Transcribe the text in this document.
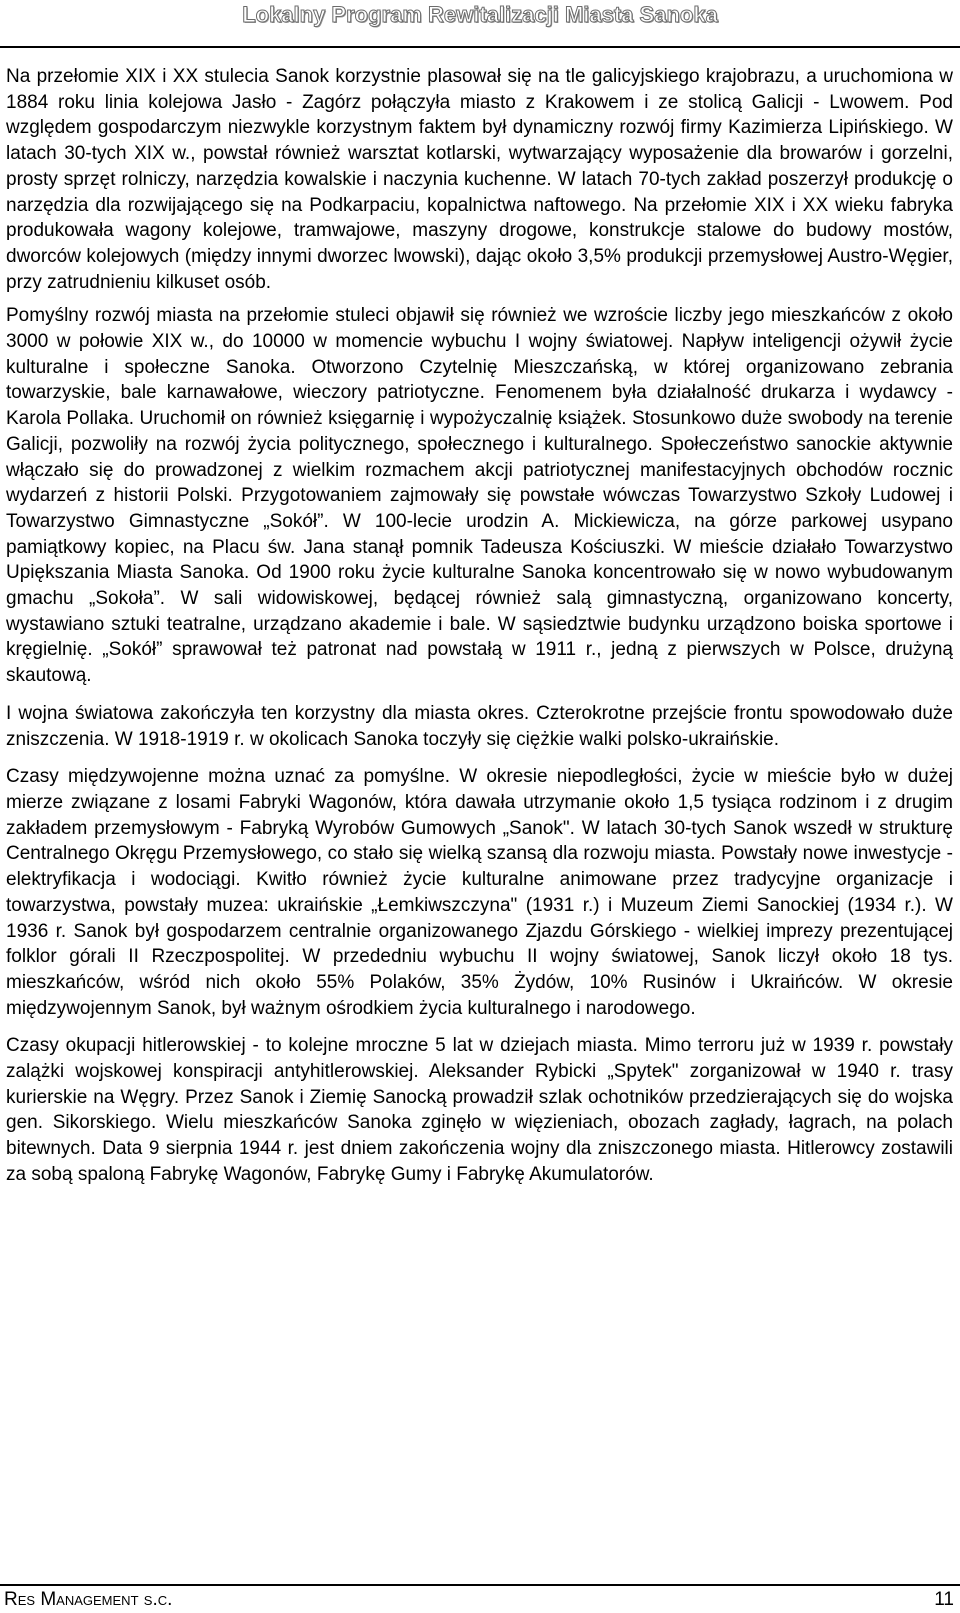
Lokalny Program Rewitalizacji Miasta Sanoka

Na przełomie XIX i XX stulecia Sanok korzystnie plasował się na tle galicyjskiego krajobrazu, a uruchomiona w 1884 roku linia kolejowa Jasło - Zagórz połączyła miasto z Krakowem i ze stolicą Galicji - Lwowem. Pod względem gospodarczym niezwykle korzystnym faktem był dynamiczny rozwój firmy Kazimierza Lipińskiego. W latach 30-tych XIX w., powstał również warsztat kotlarski, wytwarzający wyposażenie dla browarów i gorzelni, prosty sprzęt rolniczy, narzędzia kowalskie i naczynia kuchenne. W latach 70-tych zakład poszerzył produkcję o narzędzia dla rozwijającego się na Podkarpaciu, kopalnictwa naftowego. Na przełomie XIX i XX wieku fabryka produkowała wagony kolejowe, tramwajowe, maszyny drogowe, konstrukcje stalowe do budowy mostów, dworców kolejowych (między innymi dworzec lwowski), dając około 3,5% produkcji przemysłowej Austro-Węgier, przy zatrudnieniu kilkuset osób.

Pomyślny rozwój miasta na przełomie stuleci objawił się również we wzroście liczby jego mieszkańców z około 3000 w połowie XIX w., do 10000 w momencie wybuchu I wojny światowej. Napływ inteligencji ożywił życie kulturalne i społeczne Sanoka. Otworzono Czytelnię Mieszczańską, w której organizowano zebrania towarzyskie, bale karnawałowe, wieczory patriotyczne. Fenomenem była działalność drukarza i wydawcy - Karola Pollaka. Uruchomił on również księgarnię i wypożyczalnię książek. Stosunkowo duże swobody na terenie Galicji, pozwoliły na rozwój życia politycznego, społecznego i kulturalnego. Społeczeństwo sanockie aktywnie włączało się do prowadzonej z wielkim rozmachem akcji patriotycznej manifestacyjnych obchodów rocznic wydarzeń z historii Polski. Przygotowaniem zajmowały się powstałe wówczas Towarzystwo Szkoły Ludowej i Towarzystwo Gimnastyczne „Sokół”. W 100-lecie urodzin A. Mickiewicza, na górze parkowej usypano pamiątkowy kopiec, na Placu św. Jana stanął pomnik Tadeusza Kościuszki. W mieście działało Towarzystwo Upiększania Miasta Sanoka. Od 1900 roku życie kulturalne Sanoka koncentrowało się w nowo wybudowanym gmachu „Sokoła”. W sali widowiskowej, będącej również salą gimnastyczną, organizowano koncerty, wystawiano sztuki teatralne, urządzano akademie i bale. W sąsiedztwie budynku urządzono boiska sportowe i kręgielnię. „Sokół” sprawował też patronat nad powstałą w 1911 r., jedną z pierwszych w Polsce, drużyną skautową.

I wojna światowa zakończyła ten korzystny dla miasta okres. Czterokrotne przejście frontu spowodowało duże zniszczenia. W 1918-1919 r. w okolicach Sanoka toczyły się ciężkie walki polsko-ukraińskie.

Czasy międzywojenne można uznać za pomyślne. W okresie niepodległości, życie w mieście było w dużej mierze związane z losami Fabryki Wagonów, która dawała utrzymanie około 1,5 tysiąca rodzinom i z drugim zakładem przemysłowym - Fabryką Wyrobów Gumowych „Sanok". W latach 30-tych Sanok wszedł w strukturę Centralnego Okręgu Przemysłowego, co stało się wielką szansą dla rozwoju miasta. Powstały nowe inwestycje - elektryfikacja i wodociągi. Kwitło również życie kulturalne animowane przez tradycyjne organizacje i towarzystwa, powstały muzea: ukraińskie „Łemkiwszczyna" (1931 r.) i Muzeum Ziemi Sanockiej (1934 r.). W 1936 r. Sanok był gospodarzem centralnie organizowanego Zjazdu Górskiego - wielkiej imprezy prezentującej folklor górali II Rzeczpospolitej. W przededniu wybuchu II wojny światowej, Sanok liczył około 18 tys. mieszkańców, wśród nich około 55% Polaków, 35% Żydów, 10% Rusinów i Ukraińców. W okresie międzywojennym Sanok, był ważnym ośrodkiem życia kulturalnego i narodowego.

Czasy okupacji hitlerowskiej - to kolejne mroczne 5 lat w dziejach miasta. Mimo terroru już w 1939 r. powstały zalążki wojskowej konspiracji antyhitlerowskiej. Aleksander Rybicki „Spytek" zorganizował w 1940 r. trasy kurierskie na Węgry. Przez Sanok i Ziemię Sanocką prowadził szlak ochotników przedzierających się do wojska gen. Sikorskiego. Wielu mieszkańców Sanoka zginęło w więzieniach, obozach zagłady, łagrach, na polach bitewnych. Data 9 sierpnia 1944 r. jest dniem zakończenia wojny dla zniszczonego miasta. Hitlerowcy zostawili za sobą spaloną Fabrykę Wagonów, Fabrykę Gumy i Fabrykę Akumulatorów.

Res Management s.c.	11
